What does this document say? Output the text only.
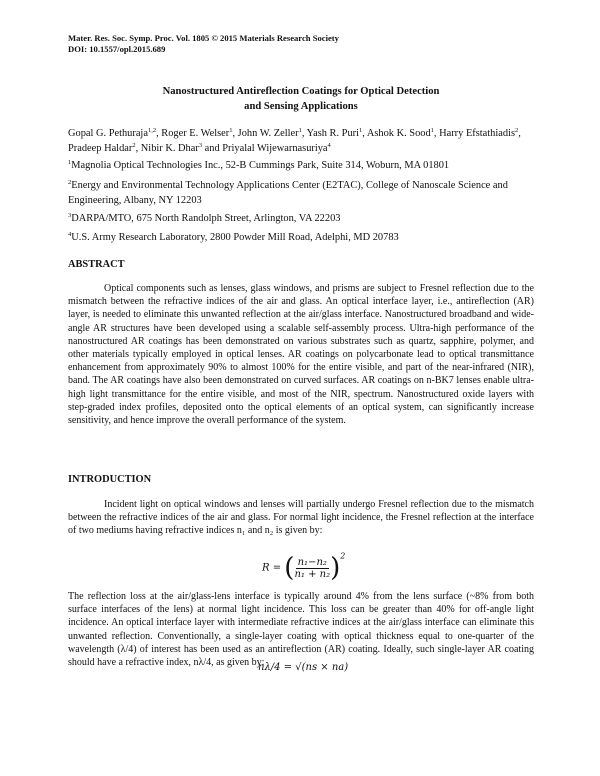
Mater. Res. Soc. Symp. Proc. Vol. 1805 © 2015 Materials Research Society
DOI: 10.1557/opl.2015.689
Nanostructured Antireflection Coatings for Optical Detection
and Sensing Applications
Gopal G. Pethuraja$^{1,2}$, Roger E. Welser$^1$, John W. Zeller$^1$, Yash R. Puri$^1$, Ashok K. Sood$^1$, Harry Efstathiadis$^2$, Pradeep Haldar$^2$, Nibir K. Dhar$^3$ and Priyalal Wijewarnasuriya$^4$
$^1$Magnolia Optical Technologies Inc., 52-B Cummings Park, Suite 314, Woburn, MA 01801
$^2$Energy and Environmental Technology Applications Center (E2TAC), College of Nanoscale Science and Engineering, Albany, NY 12203
$^3$DARPA/MTO, 675 North Randolph Street, Arlington, VA 22203
$^4$U.S. Army Research Laboratory, 2800 Powder Mill Road, Adelphi, MD 20783
ABSTRACT

Optical components such as lenses, glass windows, and prisms are subject to Fresnel reflection due to the mismatch between the refractive indices of the air and glass. An optical interface layer, i.e., antireflection (AR) layer, is needed to eliminate this unwanted reflection at the air/glass interface. Nanostructured broadband and wide-angle AR structures have been developed using a scalable self-assembly process. Ultra-high performance of the nanostructured AR coatings has been demonstrated on various substrates such as quartz, sapphire, polymer, and other materials typically employed in optical lenses. AR coatings on polycarbonate lead to optical transmittance enhancement from approximately 90% to almost 100% for the entire visible, and part of the near-infrared (NIR), band. The AR coatings have also been demonstrated on curved surfaces. AR coatings on n-BK7 lenses enable ultra-high light transmittance for the entire visible, and most of the NIR, spectrum. Nanostructured oxide layers with step-graded index profiles, deposited onto the optical elements of an optical system, can significantly increase sensitivity, and hence improve the overall performance of the system.

INTRODUCTION

Incident light on optical windows and lenses will partially undergo Fresnel reflection due to the mismatch between the refractive indices of the air and glass. For normal light incidence, the Fresnel reflection at the interface of two mediums having refractive indices n₁ and n₂ is given by:

R = ( $\frac{\text{n₁−n₂}}{\text{n₁ + n₂}} )^2$

The reflection loss at the air/glass-lens interface is typically around 4% from the lens surface (~8% from both surface interfaces of the lens) at normal light incidence. This loss can be greater than 40% for off-angle light incidence. An optical interface layer with intermediate refractive indices at the air/glass interface can eliminate this unwanted reflection. Conventionally, a single-layer coating with optical thickness equal to one-quarter of the wavelength (λ/4) of interest has been used as an antireflection (AR) coating. Ideally, such single-layer AR coating should have a refractive index, nλ/4, as given by:

nλ/4 = √(ns × na)
